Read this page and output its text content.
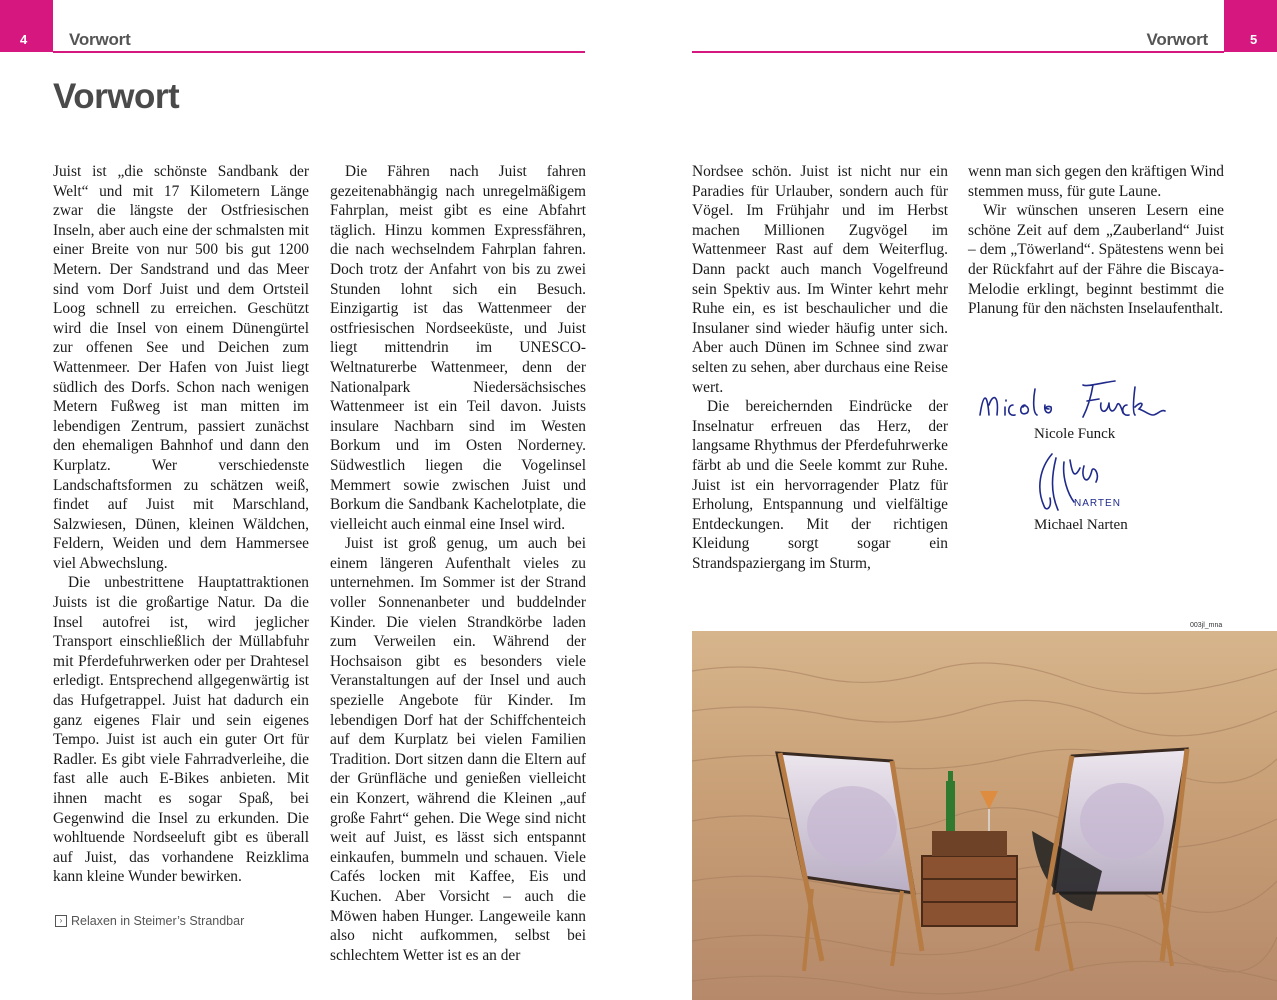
4	5
Vorwort	Vorwort
Vorwort

Juist ist „die schönste Sandbank der Welt“ und mit 17 Kilometern Länge zwar die längste der Ostfriesischen Inseln, aber auch eine der schmalsten mit einer Breite von nur 500 bis gut 1200 Metern. Der Sandstrand und das Meer sind vom Dorf Juist und dem Ortsteil Loog schnell zu erreichen. Geschützt wird die Insel von einem Dünengürtel zur offenen See und Deichen zum Wattenmeer. Der Hafen von Juist liegt südlich des Dorfs. Schon nach wenigen Metern Fußweg ist man mitten im lebendigen Zentrum, passiert zunächst den ehemaligen Bahnhof und dann den Kurplatz. Wer verschiedenste Landschaftsformen zu schätzen weiß, findet auf Juist mit Marschland, Salzwiesen, Dünen, kleinen Wäldchen, Feldern, Weiden und dem Hammersee viel Abwechslung.

Die unbestrittene Hauptattraktionen Juists ist die großartige Natur. Da die Insel autofrei ist, wird jeglicher Transport einschließlich der Müllabfuhr mit Pferdefuhrwerken oder per Drahtesel erledigt. Entsprechend allgegenwärtig ist das Hufgetrappel. Juist hat dadurch ein ganz eigenes Flair und sein eigenes Tempo. Juist ist auch ein guter Ort für Radler. Es gibt viele Fahrradverleihe, die fast alle auch E-Bikes anbieten. Mit ihnen macht es sogar Spaß, bei Gegenwind die Insel zu erkunden. Die wohltuende Nordseeluft gibt es überall auf Juist, das vorhandene Reizklima kann kleine Wunder bewirken.

Die Fähren nach Juist fahren gezeitenabhängig nach unregelmäßigem Fahrplan, meist gibt es eine Abfahrt täglich. Hinzu kommen Expressfähren, die nach wechselndem Fahrplan fahren. Doch trotz der Anfahrt von bis zu zwei Stunden lohnt sich ein Besuch. Einzigartig ist das Wattenmeer der ostfriesischen Nordseeküste, und Juist liegt mittendrin im UNESCO-Weltnaturerbe Wattenmeer, denn der Nationalpark Niedersächsisches Wattenmeer ist ein Teil davon. Juists insulare Nachbarn sind im Westen Borkum und im Osten Norderney. Südwestlich liegen die Vogelinsel Memmert sowie zwischen Juist und Borkum die Sandbank Kachelotplate, die vielleicht auch einmal eine Insel wird.

Juist ist groß genug, um auch bei einem längeren Aufenthalt vieles zu unternehmen. Im Sommer ist der Strand voller Sonnenanbeter und buddelnder Kinder. Die vielen Strandkörbe laden zum Verweilen ein. Während der Hochsaison gibt es besonders viele Veranstaltungen auf der Insel und auch spezielle Angebote für Kinder. Im lebendigen Dorf hat der Schiffchenteich auf dem Kurplatz bei vielen Familien Tradition. Dort sitzen dann die Eltern auf der Grünfläche und genießen vielleicht ein Konzert, während die Kleinen „auf große Fahrt“ gehen. Die Wege sind nicht weit auf Juist, es lässt sich entspannt einkaufen, bummeln und schauen. Viele Cafés locken mit Kaffee, Eis und Kuchen. Aber Vorsicht – auch die Möwen haben Hunger. Langeweile kann also nicht aufkommen, selbst bei schlechtem Wetter ist es an der

› Relaxen in Steimer’s Strandbar

Nordsee schön. Juist ist nicht nur ein Paradies für Urlauber, sondern auch für Vögel. Im Frühjahr und im Herbst machen Millionen Zugvögel im Wattenmeer Rast auf dem Weiterflug. Dann packt auch manch Vogelfreund sein Spektiv aus. Im Winter kehrt mehr Ruhe ein, es ist beschaulicher und die Insulaner sind wieder häufig unter sich. Aber auch Dünen im Schnee sind zwar selten zu sehen, aber durchaus eine Reise wert.

Die bereichernden Eindrücke der Inselnatur erfreuen das Herz, der langsame Rhythmus der Pferdefuhrwerke färbt ab und die Seele kommt zur Ruhe. Juist ist ein hervorragender Platz für Erholung, Entspannung und vielfältige Entdeckungen. Mit der richtigen Kleidung sorgt sogar ein Strandspaziergang im Sturm,

wenn man sich gegen den kräftigen Wind stemmen muss, für gute Laune.

Wir wünschen unseren Lesern eine schöne Zeit auf dem „Zauberland“ Juist – dem „Töwerland“. Spätestens wenn bei der Rückfahrt auf der Fähre die Biscaya-Melodie erklingt, beginnt bestimmt die Planung für den nächsten Inselaufenthalt.

Nicole Funck
NARTEN
Michael Narten
003jl_mna
